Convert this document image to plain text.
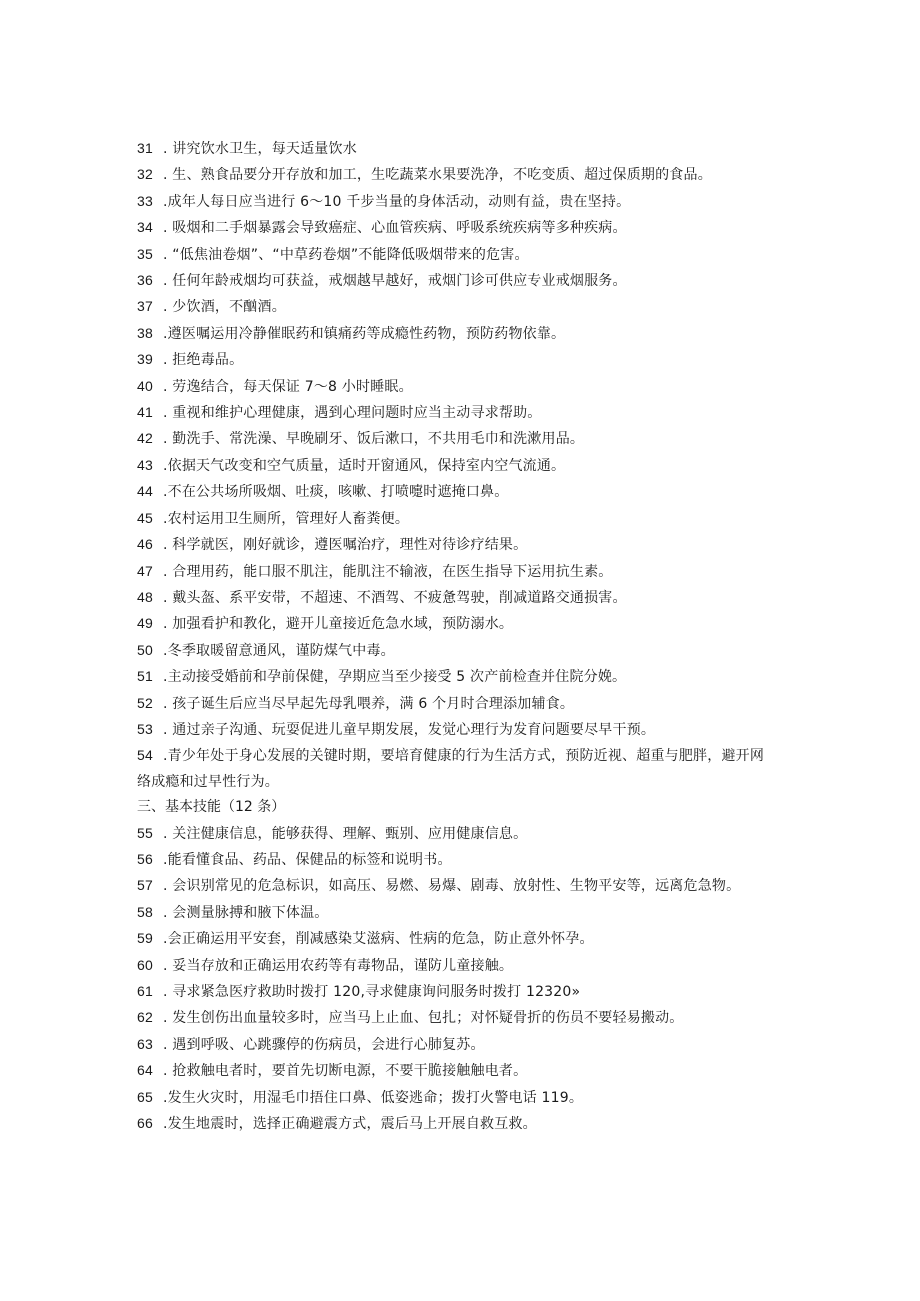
31 . 讲究饮水卫生，每天适量饮水
32 . 生、熟食品要分开存放和加工，生吃蔬菜水果要洗净，不吃变质、超过保质期的食品。
33 .成年人每日应当进行 6～10 千步当量的身体活动，动则有益，贵在坚持。
34 . 吸烟和二手烟暴露会导致癌症、心血管疾病、呼吸系统疾病等多种疾病。
35 . “低焦油卷烟”、“中草药卷烟”不能降低吸烟带来的危害。
36 . 任何年龄戒烟均可获益，戒烟越早越好，戒烟门诊可供应专业戒烟服务。
37 . 少饮酒，不酗酒。
38 .遵医嘱运用冷静催眠药和镇痛药等成瘾性药物，预防药物依靠。
39 . 拒绝毒品。
40 . 劳逸结合，每天保证 7～8 小时睡眠。
41 . 重视和维护心理健康，遇到心理问题时应当主动寻求帮助。
42 . 勤洗手、常洗澡、早晚刷牙、饭后漱口，不共用毛巾和洗漱用品。
43 .依据天气改变和空气质量，适时开窗通风，保持室内空气流通。
44 .不在公共场所吸烟、吐痰，咳嗽、打喷嚏时遮掩口鼻。
45 .农村运用卫生厕所，管理好人畜粪便。
46 . 科学就医，刚好就诊，遵医嘱治疗，理性对待诊疗结果。
47 . 合理用药，能口服不肌注，能肌注不输液，在医生指导下运用抗生素。
48 . 戴头盔、系平安带，不超速、不酒驾、不疲惫驾驶，削减道路交通损害。
49 . 加强看护和教化，避开儿童接近危急水域，预防溺水。
50 .冬季取暖留意通风，谨防煤气中毒。
51 .主动接受婚前和孕前保健，孕期应当至少接受 5 次产前检查并住院分娩。
52 . 孩子诞生后应当尽早起先母乳喂养，满 6 个月时合理添加辅食。
53 . 通过亲子沟通、玩耍促进儿童早期发展，发觉心理行为发育问题要尽早干预。
54 .青少年处于身心发展的关键时期，要培育健康的行为生活方式，预防近视、超重与肥胖，避开网络成瘾和过早性行为。
三、基本技能（12 条）
55 . 关注健康信息，能够获得、理解、甄别、应用健康信息。
56 .能看懂食品、药品、保健品的标签和说明书。
57 . 会识别常见的危急标识，如高压、易燃、易爆、剧毒、放射性、生物平安等，远离危急物。
58 . 会测量脉搏和腋下体温。
59 .会正确运用平安套，削减感染艾滋病、性病的危急，防止意外怀孕。
60 . 妥当存放和正确运用农药等有毒物品，谨防儿童接触。
61 . 寻求紧急医疗救助时拨打 120,寻求健康询问服务时拨打 12320»
62 . 发生创伤出血量较多时，应当马上止血、包扎；对怀疑骨折的伤员不要轻易搬动。
63 . 遇到呼吸、心跳骤停的伤病员，会进行心肺复苏。
64 . 抢救触电者时，要首先切断电源，不要干脆接触触电者。
65 .发生火灾时，用湿毛巾捂住口鼻、低姿逃命；拨打火警电话 119。
66 .发生地震时，选择正确避震方式，震后马上开展自救互救。
